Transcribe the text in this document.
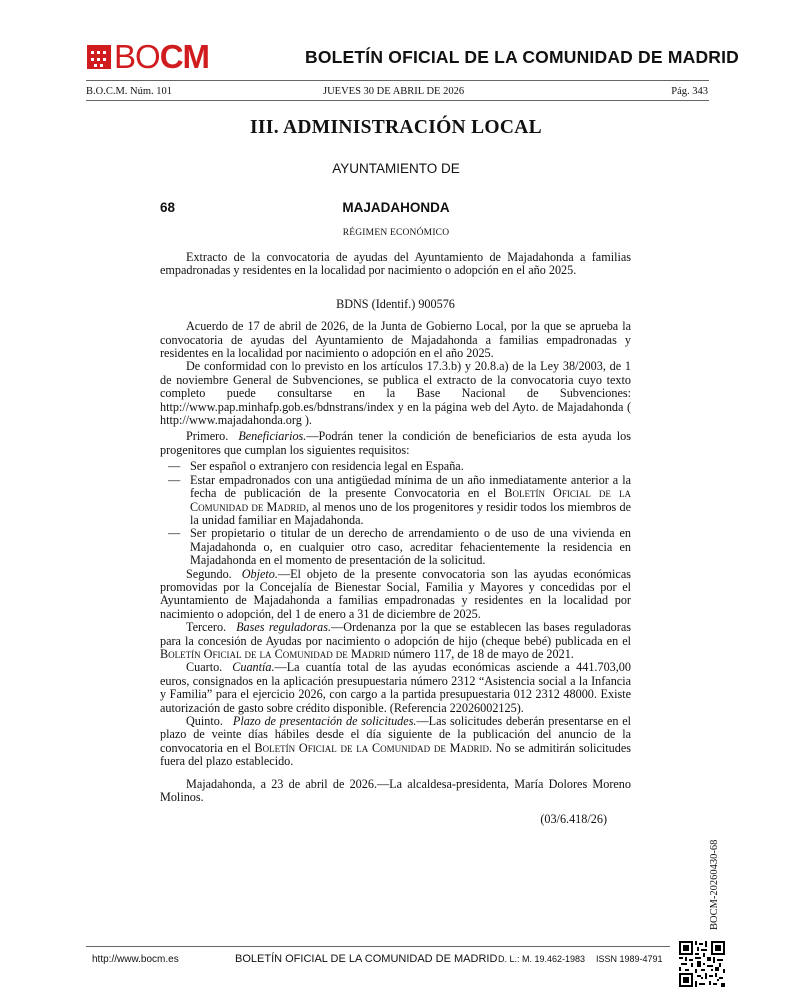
BOCM	BOLETÍN OFICIAL DE LA COMUNIDAD DE MADRID
B.O.C.M. Núm. 101	JUEVES 30 DE ABRIL DE 2026	Pág. 343
III. ADMINISTRACIÓN LOCAL
AYUNTAMIENTO DE
68	MAJADAHONDA
RÉGIMEN ECONÓMICO

Extracto de la convocatoria de ayudas del Ayuntamiento de Majadahonda a familias empadronadas y residentes en la localidad por nacimiento o adopción en el año 2025.

BDNS (Identif.) 900576

Acuerdo de 17 de abril de 2026, de la Junta de Gobierno Local, por la que se aprueba la convocatoria de ayudas del Ayuntamiento de Majadahonda a familias empadronadas y residentes en la localidad por nacimiento o adopción en el año 2025.

De conformidad con lo previsto en los artículos 17.3.b) y 20.8.a) de la Ley 38/2003, de 1 de noviembre General de Subvenciones, se publica el extracto de la convocatoria cuyo texto completo puede consultarse en la Base Nacional de Subvenciones: http://www.pap.minhafp.gob.es/bdnstrans/index y en la página web del Ayto. de Majadahonda ( http://www.majadahonda.org ).

Primero. Beneficiarios.—Podrán tener la condición de beneficiarios de esta ayuda los progenitores que cumplan los siguientes requisitos:

— Ser español o extranjero con residencia legal en España.
— Estar empadronados con una antigüedad mínima de un año inmediatamente anterior a la fecha de publicación de la presente Convocatoria en el Boletín Oficial de la Comunidad de Madrid, al menos uno de los progenitores y residir todos los miembros de la unidad familiar en Majadahonda.
— Ser propietario o titular de un derecho de arrendamiento o de uso de una vivienda en Majadahonda o, en cualquier otro caso, acreditar fehacientemente la residencia en Majadahonda en el momento de presentación de la solicitud.

Segundo. Objeto.—El objeto de la presente convocatoria son las ayudas económicas promovidas por la Concejalía de Bienestar Social, Familia y Mayores y concedidas por el Ayuntamiento de Majadahonda a familias empadronadas y residentes en la localidad por nacimiento o adopción, del 1 de enero a 31 de diciembre de 2025.

Tercero. Bases reguladoras.—Ordenanza por la que se establecen las bases reguladoras para la concesión de Ayudas por nacimiento o adopción de hijo (cheque bebé) publicada en el Boletín Oficial de la Comunidad de Madrid número 117, de 18 de mayo de 2021.

Cuarto. Cuantía.—La cuantía total de las ayudas económicas asciende a 441.703,00 euros, consignados en la aplicación presupuestaria número 2312 “Asistencia social a la Infancia y Familia” para el ejercicio 2026, con cargo a la partida presupuestaria 012 2312 48000. Existe autorización de gasto sobre crédito disponible. (Referencia 22026002125).

Quinto. Plazo de presentación de solicitudes.—Las solicitudes deberán presentarse en el plazo de veinte días hábiles desde el día siguiente de la publicación del anuncio de la convocatoria en el Boletín Oficial de la Comunidad de Madrid. No se admitirán solicitudes fuera del plazo establecido.

Majadahonda, a 23 de abril de 2026.—La alcaldesa-presidenta, María Dolores Moreno Molinos.

(03/6.418/26)
BOCM-20260430-68
http://www.bocm.es	BOLETÍN OFICIAL DE LA COMUNIDAD DE MADRID D. L.: M. 19.462-1983 ISSN 1989-4791
